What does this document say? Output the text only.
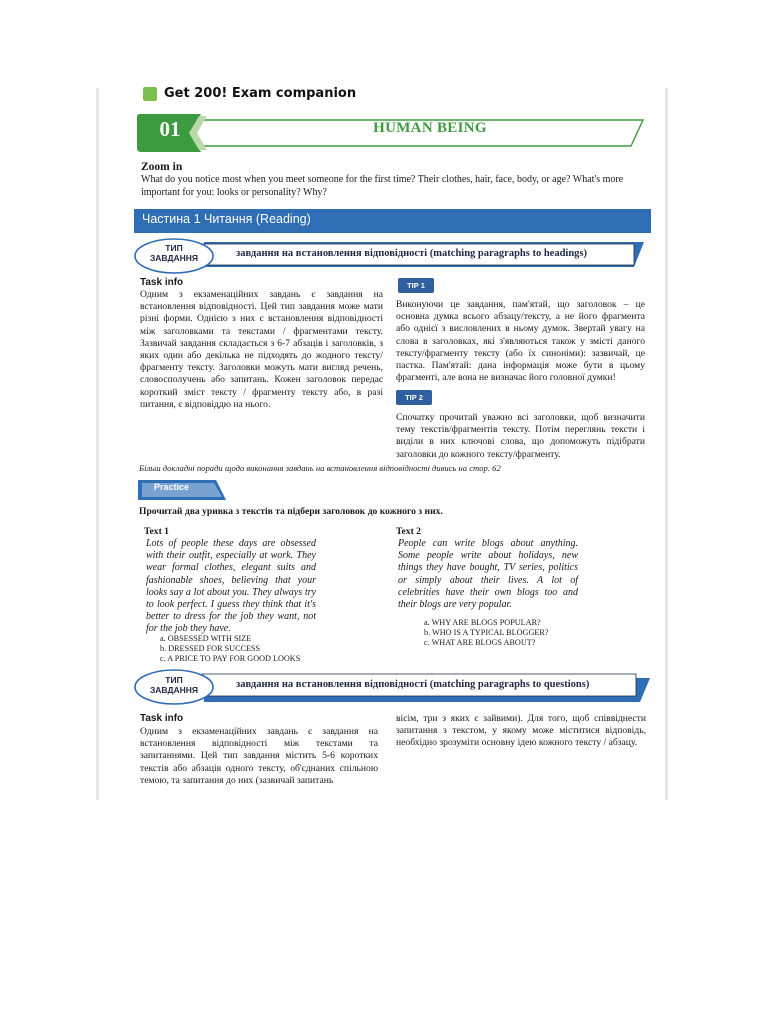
Get 200! Exam companion
01	HUMAN BEING
Zoom in
What do you notice most when you meet someone for the first time? Their clothes, hair, face, body, or age? What's more important for you: looks or personality? Why?
Частина 1 Читання (Reading)
ТИП
ЗАВДАННЯ	завдання на встановлення відповідності (matching paragraphs to headings)
Task info
Одним з екзаменаційних завдань є завдання на встановлення відповідності. Цей тип завдання може мати різні форми. Однією з них є встановлення відповідності між заголовками та текстами / фрагментами тексту. Зазвичай завдання складається з 6-7 абзаців і заголовків, з яких один або декілька не підходять до жодного тексту/фрагменту тексту. Заголовки можуть мати вигляд речень, словосполучень або запитань. Кожен заголовок передає короткий зміст тексту / фрагменту тексту або, в разі питання, є відповіддю на нього.
TIP 1
Виконуючи це завдання, пам'ятай, що заголовок – це основна думка всього абзацу/тексту, а не його фрагмента або однієї з висловлених в ньому думок. Звертай увагу на слова в заголовках, які з'являються також у змісті даного тексту/фрагменту тексту (або їх синоніми): зазвичай, це пастка. Пам'ятай: дана інформація може бути в цьому фрагменті, але вона не визначає його головної думки!
TIP 2
Спочатку прочитай уважно всі заголовки, щоб визначити тему текстів/фрагментів тексту. Потім переглянь тексти і виділи в них ключові слова, що допоможуть підібрати заголовки до кожного тексту/фрагменту.
Більш докладні поради щодо виконання завдань на встановлення відповідності дивись на стор. 62
Practice
Прочитай два уривка з текстів та підбери заголовок до кожного з них.
Text 1
Lots of people these days are obsessed with their outfit, especially at work. They wear formal clothes, elegant suits and fashionable shoes, believing that your looks say a lot about you. They always try to look perfect. I guess they think that it's better to dress for the job they want, not for the job they have.
a. OBSESSED WITH SIZE
b. DRESSED FOR SUCCESS
c. A PRICE TO PAY FOR GOOD LOOKS
Text 2
People can write blogs about anything. Some people write about holidays, new things they have bought, TV series, politics or simply about their lives. A lot of celebrities have their own blogs too and their blogs are very popular.
a. WHY ARE BLOGS POPULAR?
b. WHO IS A TYPICAL BLOGGER?
c. WHAT ARE BLOGS ABOUT?
ТИП
ЗАВДАННЯ	завдання на встановлення відповідності (matching paragraphs to questions)
Task info
Одним з екзаменаційних завдань є завдання на встановлення відповідності між текстами та запитаннями. Цей тип завдання містить 5-6 коротких текстів або абзаців одного тексту, об'єднаних спільною темою, та запитання до них (зазвичай запитань
вісім, три з яких є зайвими). Для того, щоб співвіднести запитання з текстом, у якому може міститися відповідь, необхідно зрозуміти основну ідею кожного тексту / абзацу.
